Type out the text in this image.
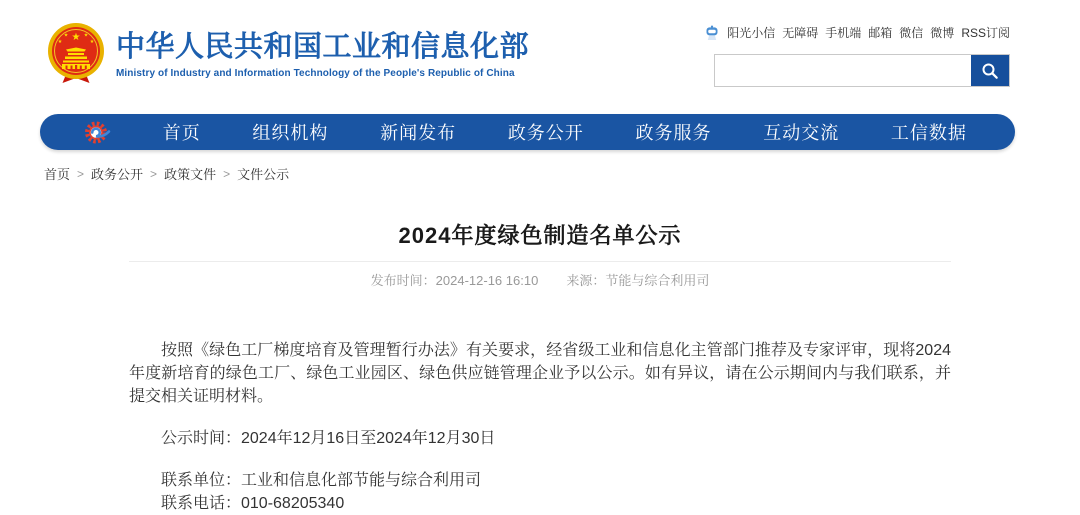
★
★	★
★	★ 中华人民共和国工业和信息化部
Ministry of Industry and Information Technology of the People's Republic of China
阳光小信 无障碍 手机端 邮箱 微信 微博 RSS订阅
首页	组织机构	新闻发布	政务公开	政务服务	互动交流	工信数据
首页 > 政务公开 > 政策文件 > 文件公示
2024年度绿色制造名单公示
发布时间：2024-12-16 16:10 来源：节能与综合利用司

按照《绿色工厂梯度培育及管理暂行办法》有关要求，经省级工业和信息化主管部门推荐及专家评审，现将2024年度新培育的绿色工厂、绿色工业园区、绿色供应链管理企业予以公示。如有异议，请在公示期间内与我们联系，并提交相关证明材料。

公示时间：2024年12月16日至2024年12月30日

联系单位：工业和信息化部节能与综合利用司

联系电话：010-68205340
